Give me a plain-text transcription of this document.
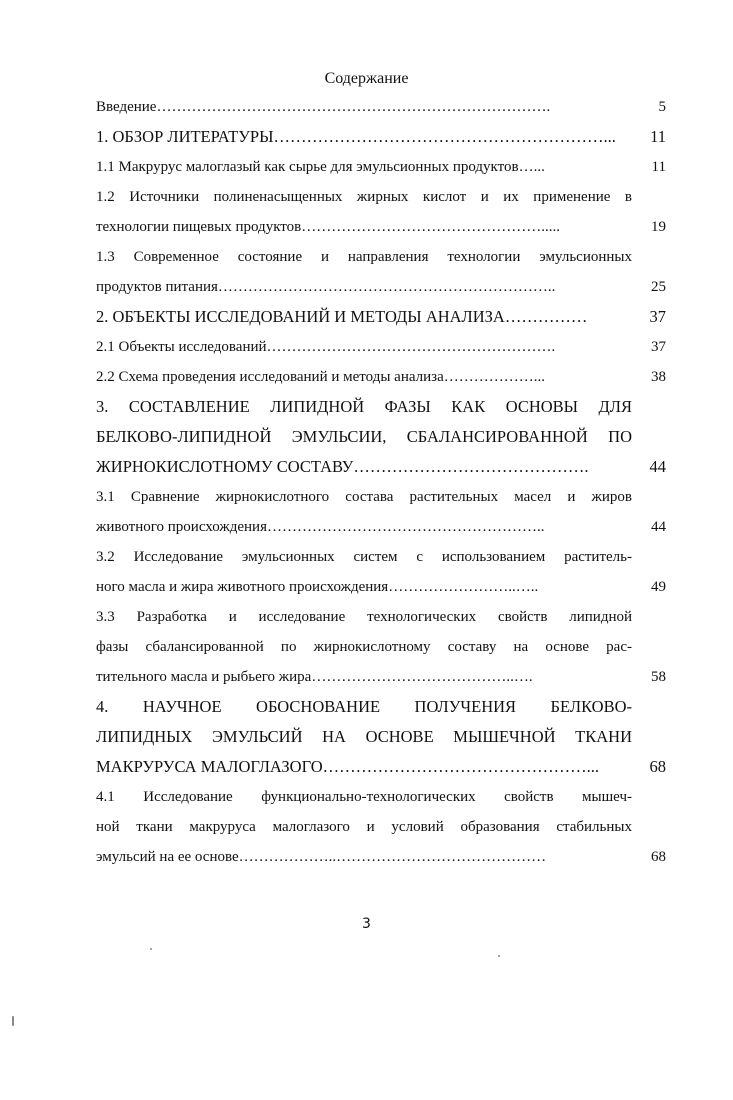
Содержание
Введение…………………………………………………………………….	5
1. ОБЗОР ЛИТЕРАТУРЫ……………………………………………………...	11
1.1 Макрурус малоглазый как сырье для эмульсионных продуктов…...	11
1.2 Источники полиненасыщенных жирных кислот и их применение в
технологии пищевых продуктов………………………………………….....	19
1.3 Современное состояние и направления технологии эмульсионных
продуктов питания…………………………………………………………..	25
2. ОБЪЕКТЫ ИССЛЕДОВАНИЙ И МЕТОДЫ АНАЛИЗА……………	37
2.1 Объекты исследований………………………………………………….	37
2.2 Схема проведения исследований и методы анализа………………...	38
3. СОСТАВЛЕНИЕ ЛИПИДНОЙ ФАЗЫ КАК ОСНОВЫ ДЛЯ
БЕЛКОВО-ЛИПИДНОЙ ЭМУЛЬСИИ, СБАЛАНСИРОВАННОЙ ПО
ЖИРНОКИСЛОТНОМУ СОСТАВУ…………………………………….	44
3.1 Сравнение жирнокислотного состава растительных масел и жиров
животного происхождения………………………………………………..	44
3.2 Исследование эмульсионных систем с использованием раститель-
ного масла и жира животного происхождения……………………..…..	49
3.3 Разработка и исследование технологических свойств липидной
фазы сбалансированной по жирнокислотному составу на основе рас-
тительного масла и рыбьего жира…………………………………..….	58
4. НАУЧНОЕ ОБОСНОВАНИЕ ПОЛУЧЕНИЯ БЕЛКОВО-
ЛИПИДНЫХ ЭМУЛЬСИЙ НА ОСНОВЕ МЫШЕЧНОЙ ТКАНИ
МАКРУРУСА МАЛОГЛАЗОГО…………………………………………...	68
4.1 Исследование функционально-технологических свойств мышеч-
ной ткани макруруса малоглазого и условий образования стабильных
эмульсий на ее основе………………..……………………………………	68
3
